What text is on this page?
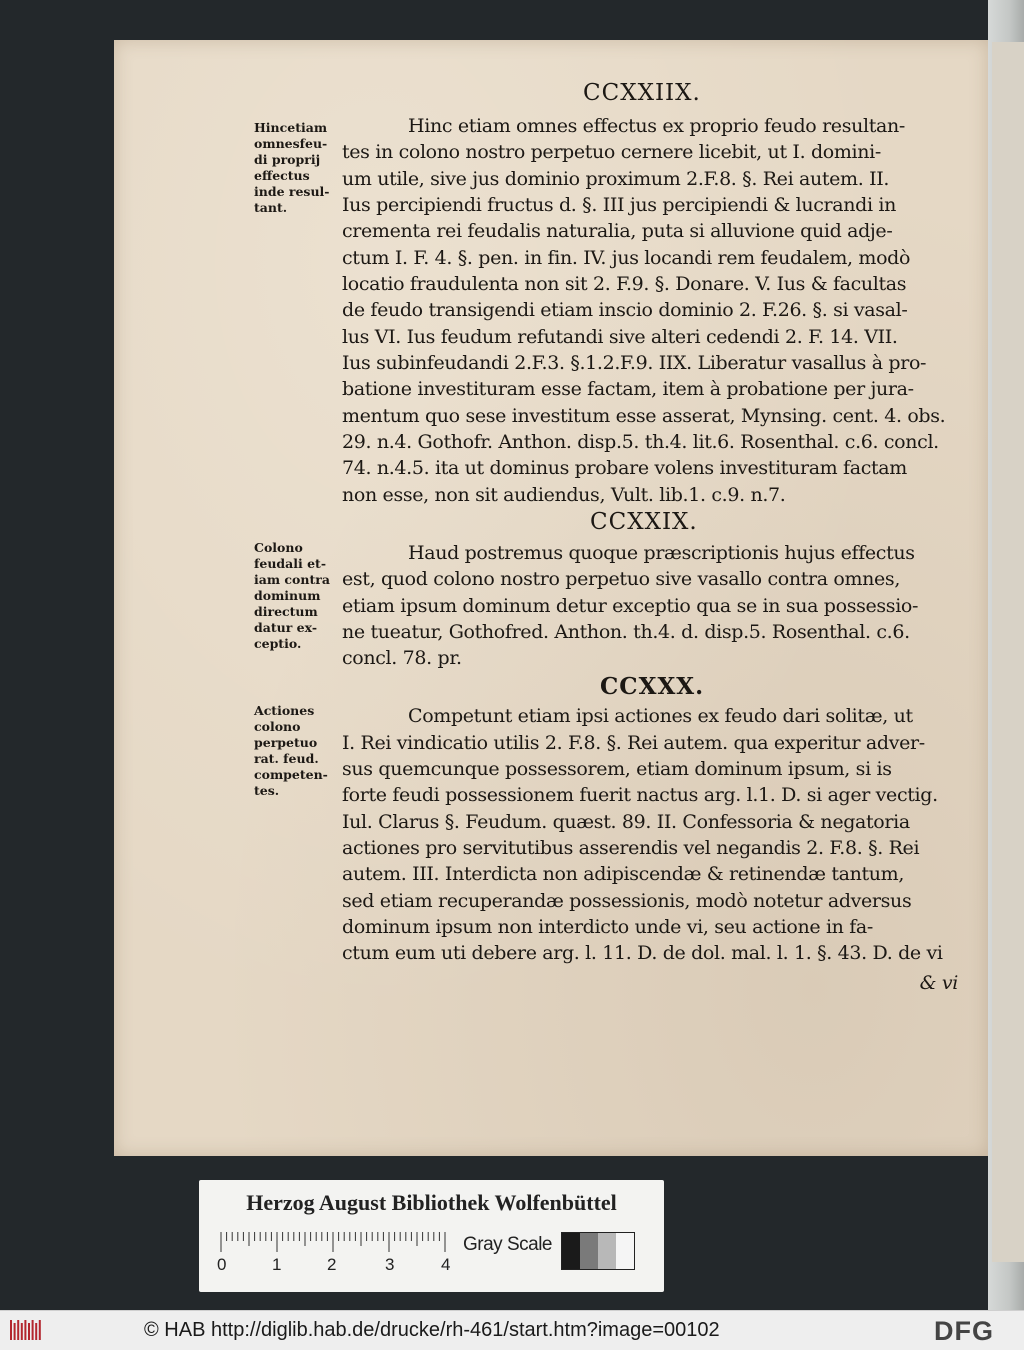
CCXXIIX.
CCXXIX.
CCXXX.
Hincetiam
omnesfeu-
di proprij
effectus
inde resul-
tant.
Colono
feudali et-
iam contra
dominum
directum
datur ex-
ceptio.
Actiones
colono
perpetuo
rat. feud.
competen-
tes.
Hinc etiam omnes effectus ex proprio feudo resultan-
tes in colono nostro perpetuo cernere licebit, ut I. domini-
um utile, sive jus dominio proximum 2.F.8. §. Rei autem. II.
Ius percipiendi fructus d. §. III jus percipiendi & lucrandi in
crementa rei feudalis naturalia, puta si alluvione quid adje-
ctum I. F. 4. §. pen. in fin. IV. jus locandi rem feudalem, modò
locatio fraudulenta non sit 2. F.9. §. Donare. V. Ius & facultas
de feudo transigendi etiam inscio dominio 2. F.26. §. si vasal-
lus VI. Ius feudum refutandi sive alteri cedendi 2. F. 14. VII.
Ius subinfeudandi 2.F.3. §.1.2.F.9. IIX. Liberatur vasallus à pro-
batione investituram esse factam, item à probatione per jura-
mentum quo sese investitum esse asserat, Mynsing. cent. 4. obs.
29. n.4. Gothofr. Anthon. disp.5. th.4. lit.6. Rosenthal. c.6. concl.
74. n.4.5. ita ut dominus probare volens investituram factam
non esse, non sit audiendus, Vult. lib.1. c.9. n.7.
Haud postremus quoque præscriptionis hujus effectus
est, quod colono nostro perpetuo sive vasallo contra omnes,
etiam ipsum dominum detur exceptio qua se in sua possessio-
ne tueatur, Gothofred. Anthon. th.4. d. disp.5. Rosenthal. c.6.
concl. 78. pr.
Competunt etiam ipsi actiones ex feudo dari solitæ, ut
I. Rei vindicatio utilis 2. F.8. §. Rei autem. qua experitur adver-
sus quemcunque possessorem, etiam dominum ipsum, si is
forte feudi possessionem fuerit nactus arg. l.1. D. si ager vectig.
Iul. Clarus §. Feudum. quæst. 89. II. Confessoria & negatoria
actiones pro servitutibus asserendis vel negandis 2. F.8. §. Rei
autem. III. Interdicta non adipiscendæ & retinendæ tantum,
sed etiam recuperandæ possessionis, modò notetur adversus
dominum ipsum non interdicto unde vi, seu actione in fa-
ctum eum uti debere arg. l. 11. D. de dol. mal. l. 1. §. 43. D. de vi
& vi
Herzog August Bibliothek Wolfenbüttel
0	1	2	3	4
Gray Scale
© HAB http://diglib.hab.de/drucke/rh-461/start.htm?image=00102	DFG
